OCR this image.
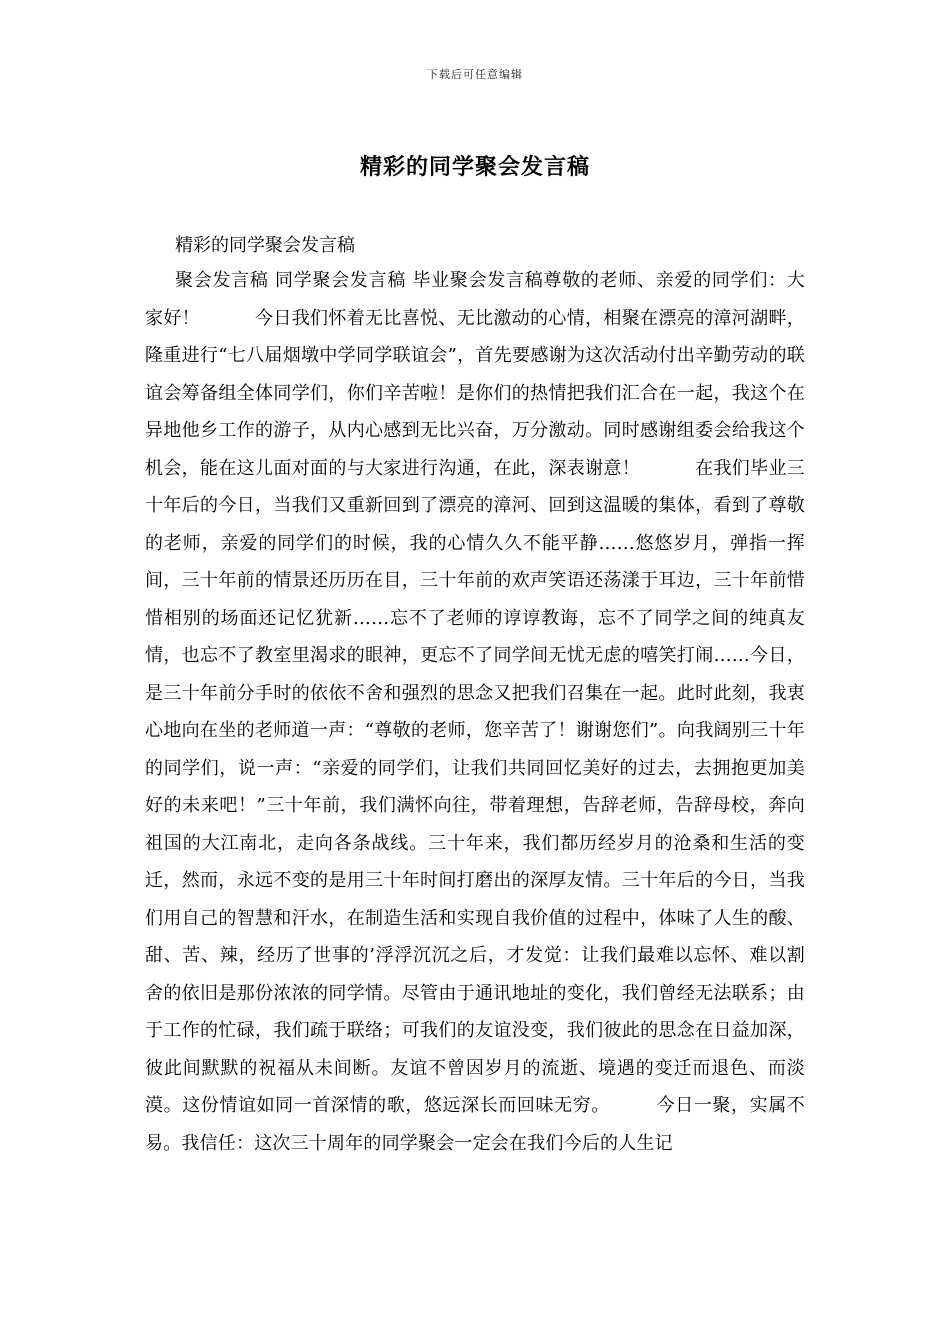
下载后可任意编辑
精彩的同学聚会发言稿

精彩的同学聚会发言稿

聚会发言稿 同学聚会发言稿 毕业聚会发言稿尊敬的老师、亲爱的同学们：大家好！　　　今日我们怀着无比喜悦、无比激动的心情，相聚在漂亮的漳河湖畔，隆重进行“七八届烟墩中学同学联谊会”，首先要感谢为这次活动付出辛勤劳动的联谊会筹备组全体同学们，你们辛苦啦！是你们的热情把我们汇合在一起，我这个在异地他乡工作的游子，从内心感到无比兴奋，万分激动。同时感谢组委会给我这个机会，能在这儿面对面的与大家进行沟通，在此，深表谢意！　　　在我们毕业三十年后的今日，当我们又重新回到了漂亮的漳河、回到这温暖的集体，看到了尊敬的老师，亲爱的同学们的时候，我的心情久久不能平静……悠悠岁月，弹指一挥间，三十年前的情景还历历在目，三十年前的欢声笑语还荡漾于耳边，三十年前惜惜相别的场面还记忆犹新……忘不了老师的谆谆教诲，忘不了同学之间的纯真友情，也忘不了教室里渴求的眼神，更忘不了同学间无忧无虑的嘻笑打闹……今日，是三十年前分手时的依依不舍和强烈的思念又把我们召集在一起。此时此刻，我衷心地向在坐的老师道一声：“尊敬的老师，您辛苦了！谢谢您们”。向我阔别三十年的同学们，说一声：“亲爱的同学们，让我们共同回忆美好的过去，去拥抱更加美好的未来吧！”三十年前，我们满怀向往，带着理想，告辞老师，告辞母校，奔向祖国的大江南北，走向各条战线。三十年来，我们都历经岁月的沧桑和生活的变迁，然而，永远不变的是用三十年时间打磨出的深厚友情。三十年后的今日，当我们用自己的智慧和汗水，在制造生活和实现自我价值的过程中，体味了人生的酸、甜、苦、辣，经历了世事的’浮浮沉沉之后，才发觉：让我们最难以忘怀、难以割舍的依旧是那份浓浓的同学情。尽管由于通讯地址的变化，我们曾经无法联系；由于工作的忙碌，我们疏于联络；可我们的友谊没变，我们彼此的思念在日益加深，彼此间默默的祝福从未间断。友谊不曾因岁月的流逝、境遇的变迁而退色、而淡漠。这份情谊如同一首深情的歌，悠远深长而回味无穷。　　　今日一聚，实属不易。我信任：这次三十周年的同学聚会一定会在我们今后的人生记
